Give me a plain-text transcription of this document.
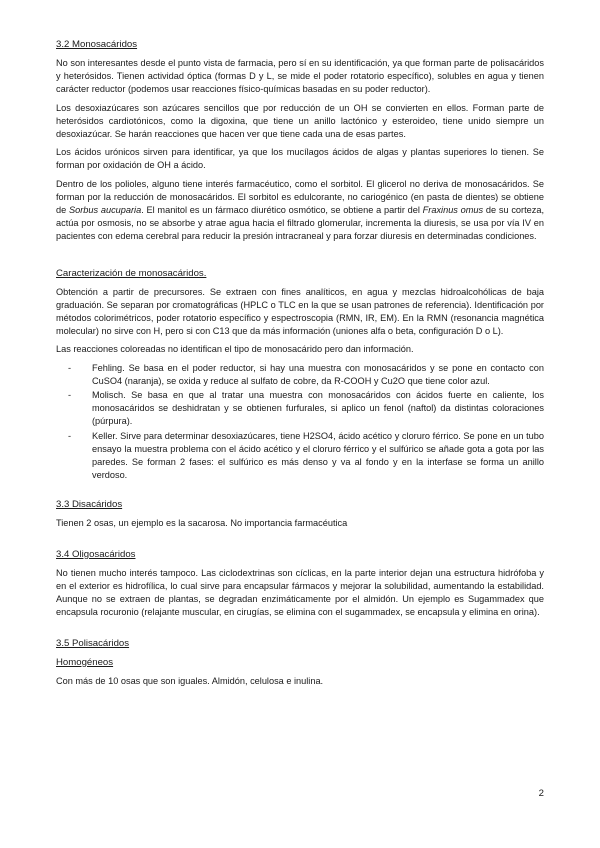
3.2 Monosacáridos

No son interesantes desde el punto vista de farmacia, pero sí en su identificación, ya que forman parte de polisacáridos y heterósidos. Tienen actividad óptica (formas D y L, se mide el poder rotatorio específico), solubles en agua y tienen carácter reductor (podemos usar reacciones físico-químicas basadas en su poder reductor).

Los desoxiazúcares son azúcares sencillos que por reducción de un OH se convierten en ellos. Forman parte de heterósidos cardiotónicos, como la digoxina, que tiene un anillo lactónico y esteroideo, tiene unido siempre un desoxiazúcar. Se harán reacciones que hacen ver que tiene cada una de esas partes.

Los ácidos urónicos sirven para identificar, ya que los mucílagos ácidos de algas y plantas superiores lo tienen. Se forman por oxidación de OH a ácido.

Dentro de los polioles, alguno tiene interés farmacéutico, como el sorbitol. El glicerol no deriva de monosacáridos. Se forman por la reducción de monosacáridos. El sorbitol es edulcorante, no cariogénico (en pasta de dientes) se obtiene de Sorbus aucuparia. El manitol es un fármaco diurético osmótico, se obtiene a partir del Fraxinus omus de su corteza, actúa por osmosis, no se absorbe y atrae agua hacia el filtrado glomerular, incrementa la diuresis, se usa por vía IV en pacientes con edema cerebral para reducir la presión intracraneal y para forzar diuresis en determinadas condiciones.

Caracterización de monosacáridos.

Obtención a partir de precursores. Se extraen con fines analíticos, en agua y mezclas hidroalcohólicas de baja graduación. Se separan por cromatográficas (HPLC o TLC en la que se usan patrones de referencia). Identificación por métodos colorimétricos, poder rotatorio específico y espectroscopia (RMN, IR, EM). En la RMN (resonancia magnética molecular) no sirve con H, pero si con C13 que da más información (uniones alfa o beta, configuración D o L).

Las reacciones coloreadas no identifican el tipo de monosacárido pero dan información.

- Fehling. Se basa en el poder reductor, si hay una muestra con monosacáridos y se pone en contacto con CuSO4 (naranja), se oxida y reduce al sulfato de cobre, da R-COOH y Cu2O que tiene color azul.
- Molisch. Se basa en que al tratar una muestra con monosacáridos con ácidos fuerte en caliente, los monosacáridos se deshidratan y se obtienen furfurales, si aplico un fenol (naftol) da distintas coloraciones (púrpura).
- Keller. Sirve para determinar desoxiazúcares, tiene H2SO4, ácido acético y cloruro férrico. Se pone en un tubo ensayo la muestra problema con el ácido acético y el cloruro férrico y el sulfúrico se añade gota a gota por las paredes. Se forman 2 fases: el sulfúrico es más denso y va al fondo y en la interfase se forma un anillo verdoso.
3.3 Disacáridos

Tienen 2 osas, un ejemplo es la sacarosa. No importancia farmacéutica

3.4 Oligosacáridos

No tienen mucho interés tampoco. Las ciclodextrinas son cíclicas, en la parte interior dejan una estructura hidrófoba y en el exterior es hidrofílica, lo cual sirve para encapsular fármacos y mejorar la solubilidad, aumentando la estabilidad. Aunque no se extraen de plantas, se degradan enzimáticamente por el almidón. Un ejemplo es Sugammadex que encapsula rocuronio (relajante muscular, en cirugías, se elimina con el sugammadex, se encapsula y elimina en orina).

3.5 Polisacáridos
Homogéneos

Con más de 10 osas que son iguales. Almidón, celulosa e inulina.

2
